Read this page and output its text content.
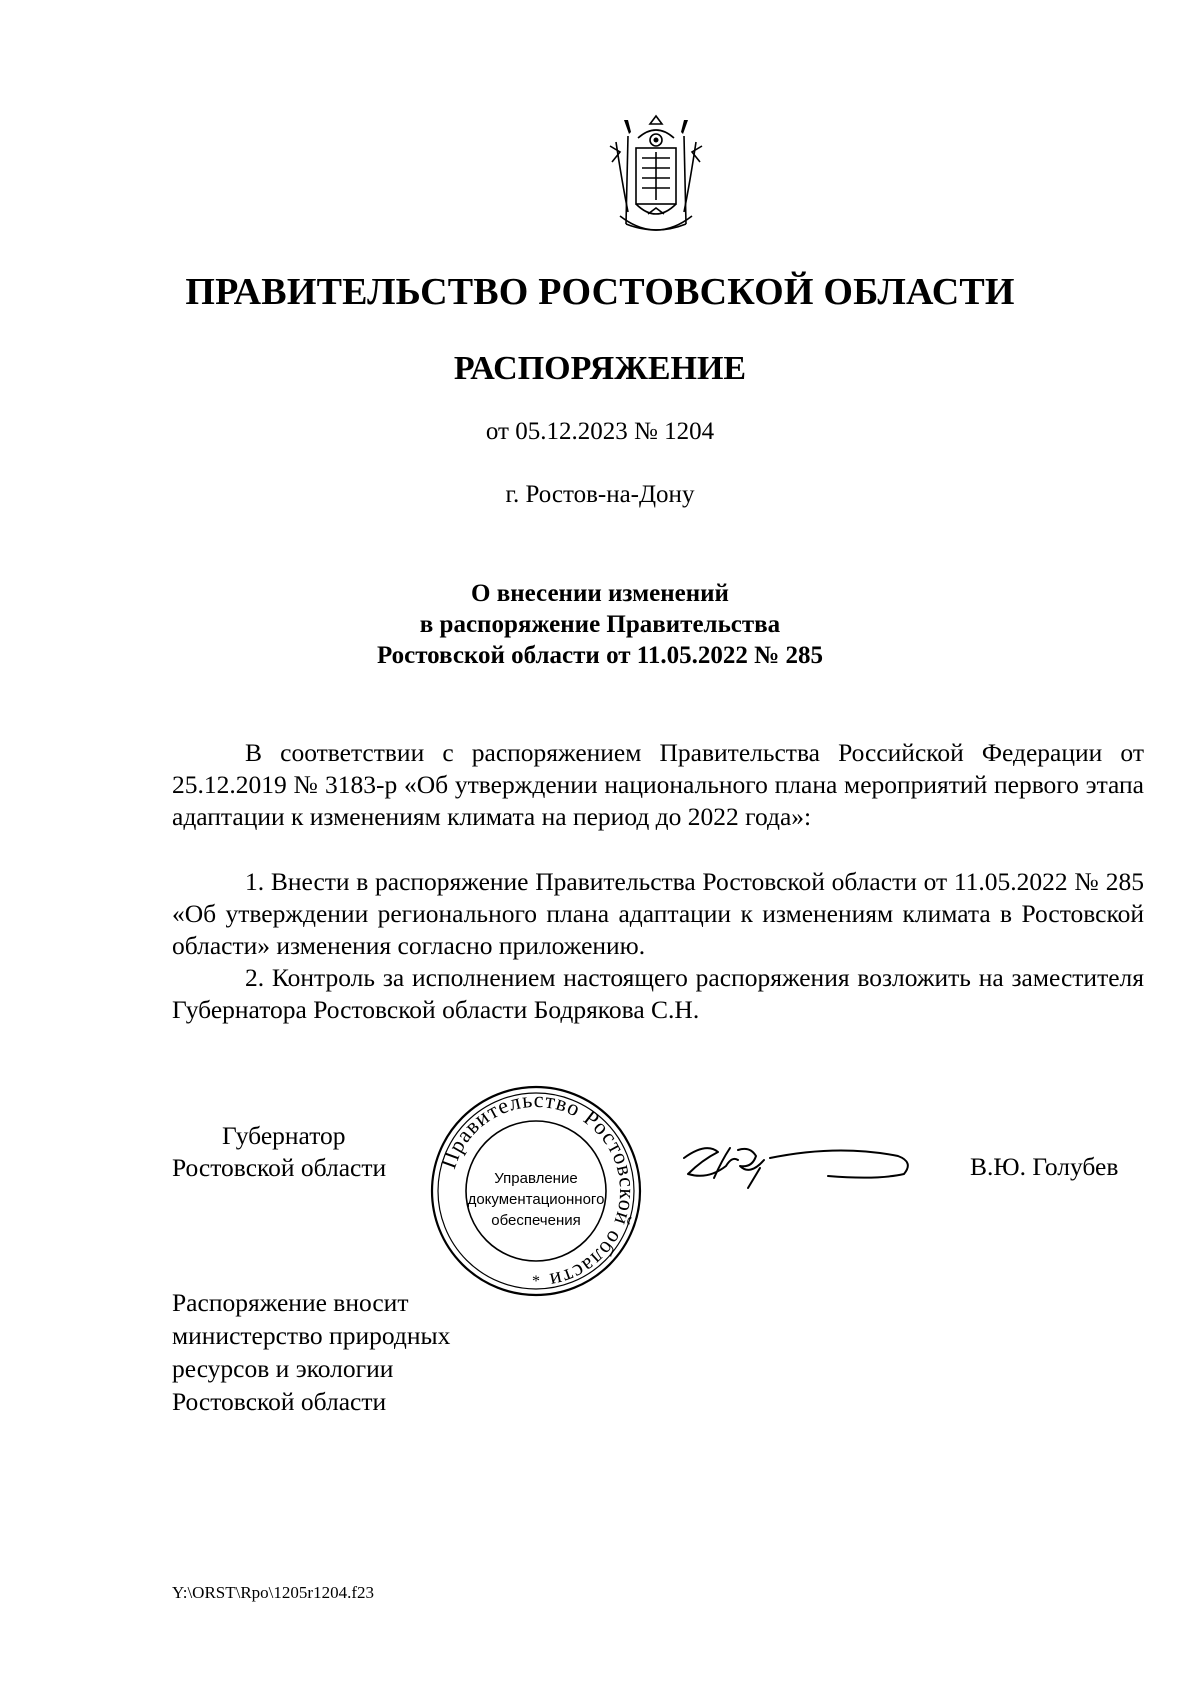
ПРАВИТЕЛЬСТВО РОСТОВСКОЙ ОБЛАСТИ
РАСПОРЯЖЕНИЕ
от 05.12.2023 № 1204
г. Ростов-на-Дону
О внесении изменений
в распоряжение Правительства
Ростовской области от 11.05.2022 № 285
В соответствии с распоряжением Правительства Российской Федерации от 25.12.2019 № 3183-р «Об утверждении национального плана мероприятий первого этапа адаптации к изменениям климата на период до 2022 года»:
1. Внести в распоряжение Правительства Ростовской области от 11.05.2022 № 285 «Об утверждении регионального плана адаптации к изменениям климата в Ростовской области» изменения согласно приложению.
2. Контроль за исполнением настоящего распоряжения возложить на заместителя Губернатора Ростовской области Бодрякова С.Н.
Губернатор
Ростовской области Правительство Ростовской области
Управление
документационного
обеспечения
*
В.Ю. Голубев
Распоряжение вносит
министерство природных
ресурсов и экологии
Ростовской области
Y:\ORST\Rpo\1205r1204.f23
